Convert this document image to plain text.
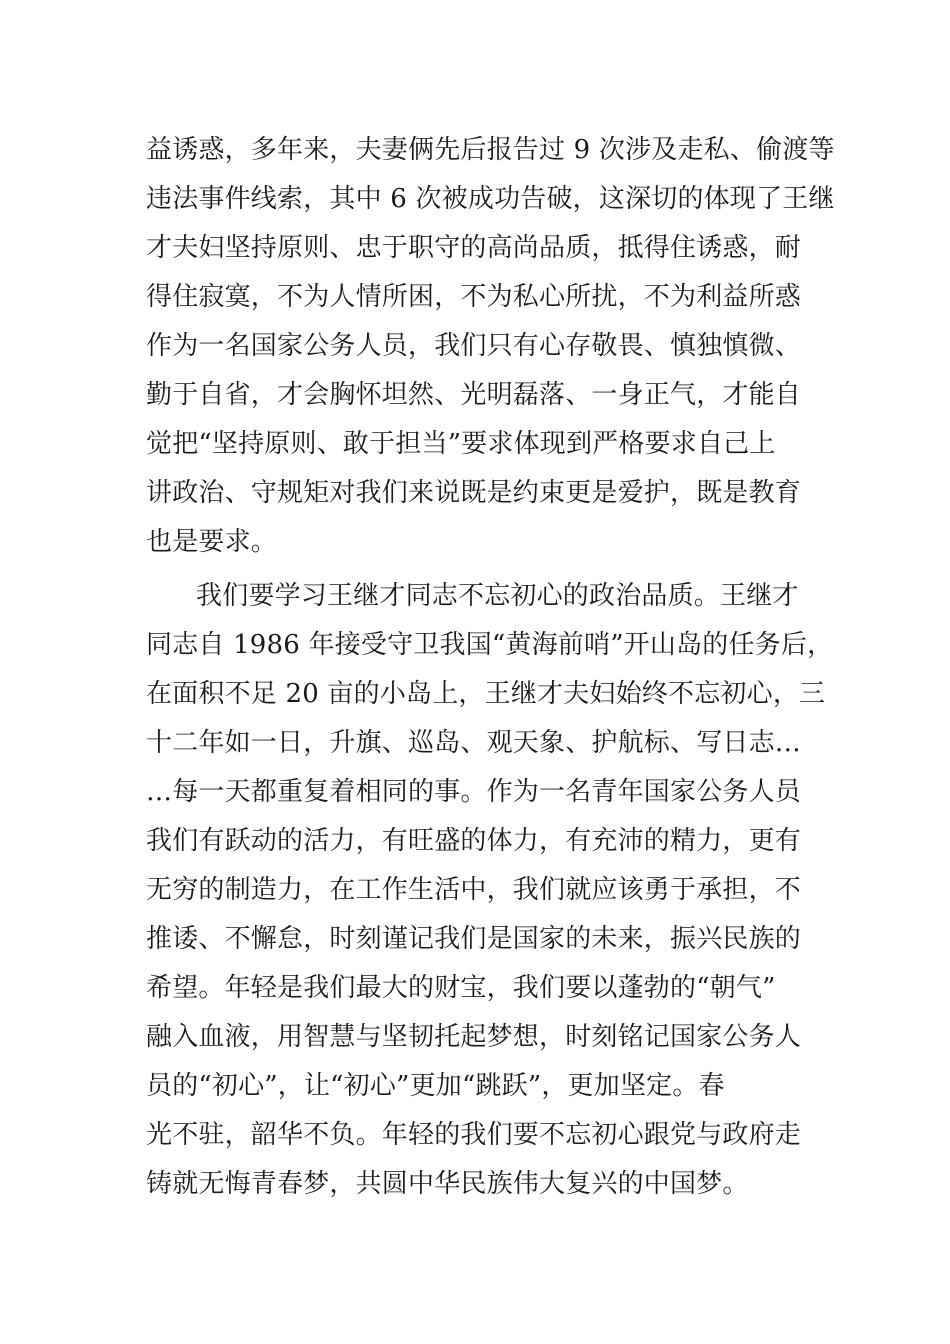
益诱惑，多年来，夫妻俩先后报告过 9 次涉及走私、偷渡等
违法事件线索，其中 6 次被成功告破，这深切的体现了王继
才夫妇坚持原则、忠于职守的高尚品质，抵得住诱惑，耐
得住寂寞，不为人情所困，不为私心所扰，不为利益所惑
作为一名国家公务人员，我们只有心存敬畏、慎独慎微、
勤于自省，才会胸怀坦然、光明磊落、一身正气，才能自
觉把“坚持原则、敢于担当”要求体现到严格要求自己上
讲政治、守规矩对我们来说既是约束更是爱护，既是教育
也是要求。
我们要学习王继才同志不忘初心的政治品质。王继才
同志自 1986 年接受守卫我国“黄海前哨”开山岛的任务后，
在面积不足 20 亩的小岛上，王继才夫妇始终不忘初心，三
十二年如一日，升旗、巡岛、观天象、护航标、写日志…
…每一天都重复着相同的事。作为一名青年国家公务人员
我们有跃动的活力，有旺盛的体力，有充沛的精力，更有
无穷的制造力，在工作生活中，我们就应该勇于承担，不
推诿、不懈怠，时刻谨记我们是国家的未来，振兴民族的
希望。年轻是我们最大的财宝，我们要以蓬勃的“朝气”
融入血液，用智慧与坚韧托起梦想，时刻铭记国家公务人
员的“初心”，让“初心”更加“跳跃”，更加坚定。春
光不驻，韶华不负。年轻的我们要不忘初心跟党与政府走
铸就无悔青春梦，共圆中华民族伟大复兴的中国梦。
